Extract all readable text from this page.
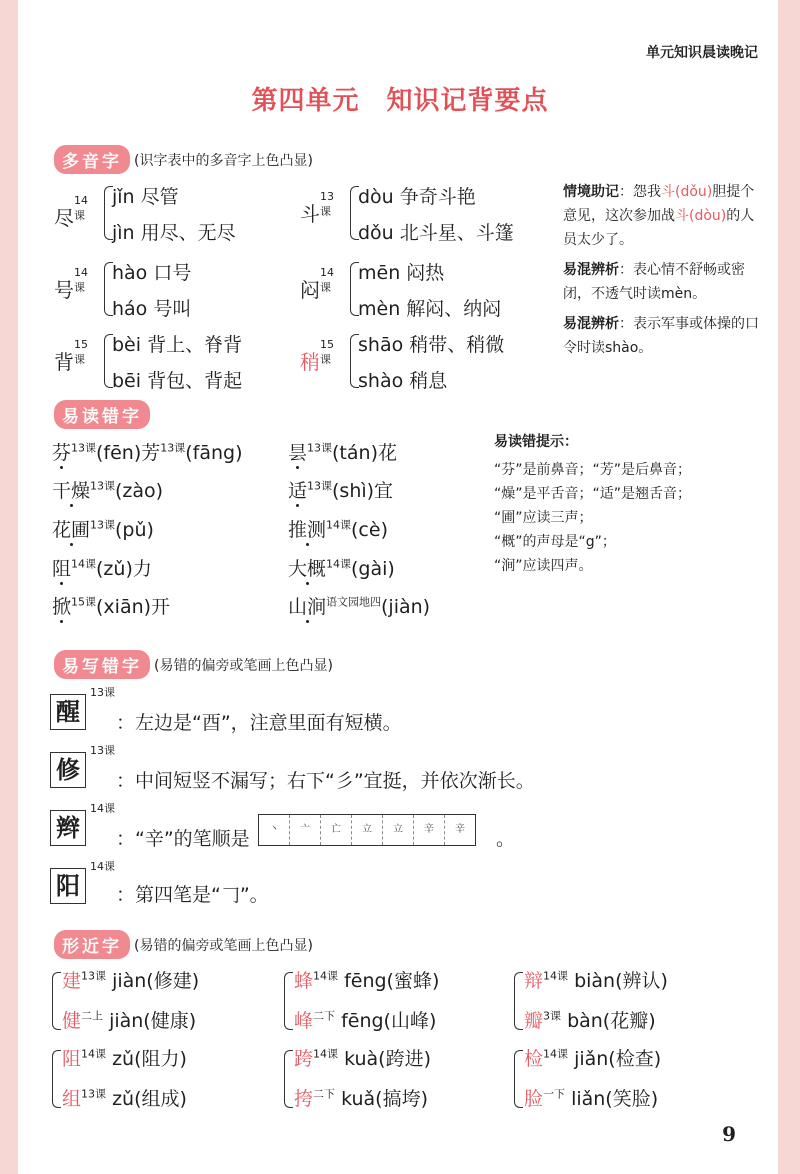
单元知识晨读晚记
第四单元　知识记背要点
多音字 (识字表中的多音字上色凸显)
尽
14课
jǐn 尽管
jìn 用尽、无尽
号
14课
hào 口号
háo 号叫
背
15课
bèi 背上、脊背
bēi 背包、背起
斗
13课
dòu 争奇斗艳
dǒu 北斗星、斗篷
闷
14课
mēn 闷热
mèn 解闷、纳闷
稍
15课
shāo 稍带、稍微
shào 稍息
情境助记：怨我斗(dǒu)胆提个意见，这次参加战斗(dòu)的人员太少了。
易混辨析：表心情不舒畅或密闭，不透气时读mèn。
易混辨析：表示军事或体操的口令时读shào。
易读错字
芬$^{13课}$(fēn)芳$^{13课}$(fāng)
干燥$^{13课}$(zào)
花圃$^{13课}$(pǔ)
阻$^{14课}$(zǔ)力
掀$^{15课}$(xiān)开
昙$^{13课}$(tán)花
适$^{13课}$(shì)宜
推测$^{14课}$(cè)
大概$^{14课}$(gài)
山涧$^{语文园地四}$(jiàn)
易读错提示：
“芬”是前鼻音；“芳”是后鼻音；
“燥”是平舌音；“适”是翘舌音；
“圃”应读三声；
“概”的声母是“g”；
“涧”应读四声。
易写错字 (易错的偏旁或笔画上色凸显)
醒
13课
：左边是“酉”，注意里面有短横。
修
13课
：中间短竖不漏写；右下“彡”宜挺，并依次渐长。
辫
14课
：“辛”的笔顺是	丶	亠	亡	立	立	辛	辛	。
阳
14课
：第四笔是“𠃌”。
形近字 (易错的偏旁或笔画上色凸显)
建$^{13课}$ jiàn(修建)
健$^{二上}$ jiàn(健康)
阻$^{14课}$ zǔ(阻力)
组$^{13课}$ zǔ(组成)
蜂$^{14课}$ fēng(蜜蜂)
峰$^{二下}$ fēng(山峰)
跨$^{14课}$ kuà(跨进)
挎$^{二下}$ kuǎ(搞垮)
辩$^{14课}$ biàn(辨认)
瓣$^{3课}$ bàn(花瓣)
检$^{14课}$ jiǎn(检查)
脸$^{一下}$ liǎn(笑脸)
9
